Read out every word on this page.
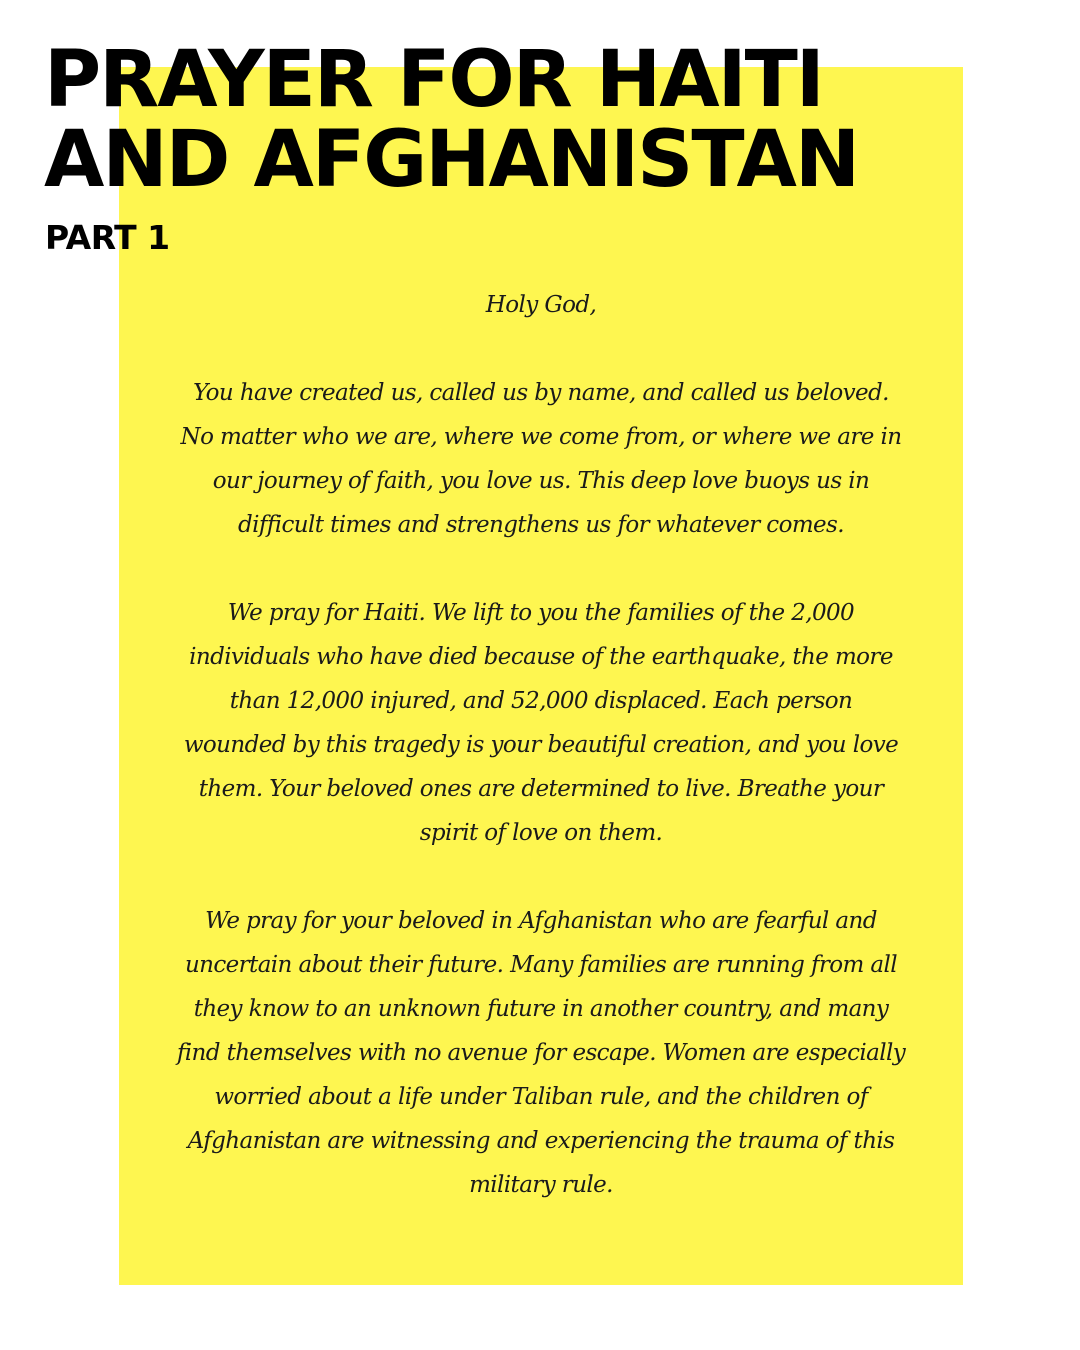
PRAYER FOR HAITI
AND AFGHANISTAN
PART 1

Holy God,

You have created us, called us by name, and called us beloved.
No matter who we are, where we come from, or where we are in
our journey of faith, you love us. This deep love buoys us in
difficult times and strengthens us for whatever comes.

We pray for Haiti. We lift to you the families of the 2,000
individuals who have died because of the earthquake, the more
than 12,000 injured, and 52,000 displaced. Each person
wounded by this tragedy is your beautiful creation, and you love
them. Your beloved ones are determined to live. Breathe your
spirit of love on them.

We pray for your beloved in Afghanistan who are fearful and
uncertain about their future. Many families are running from all
they know to an unknown future in another country, and many
find themselves with no avenue for escape. Women are especially
worried about a life under Taliban rule, and the children of
Afghanistan are witnessing and experiencing the trauma of this
military rule.
